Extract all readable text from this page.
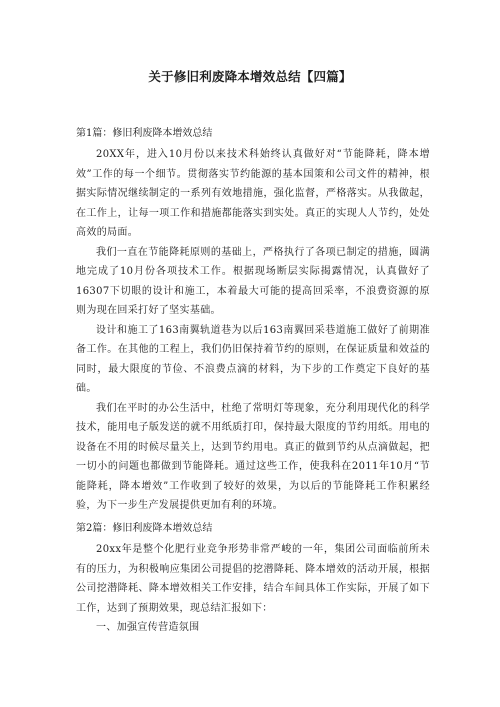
关于修旧利废降本增效总结【四篇】

第1篇：修旧利废降本增效总结

20XX年，进入10月份以来技术科始终认真做好对“节能降耗，降本增效”工作的每一个细节。贯彻落实节约能源的基本国策和公司文件的精神，根据实际情况继续制定的一系列有效地措施，强化监督，严格落实。从我做起，在工作上，让每一项工作和措施都能落实到实处。真正的实现人人节约，处处高效的局面。

我们一直在节能降耗原则的基础上，严格执行了各项已制定的措施，圆满地完成了10月份各项技术工作。根据现场断层实际揭露情况，认真做好了16307下切眼的设计和施工，本着最大可能的提高回采率，不浪费资源的原则为现在回采打好了坚实基础。

设计和施工了163南翼轨道巷为以后163南翼回采巷道施工做好了前期准备工作。在其他的工程上，我们仍旧保持着节约的原则，在保证质量和效益的同时，最大限度的节俭、不浪费点滴的材料，为下步的工作奠定下良好的基础。

我们在平时的办公生活中，杜绝了常明灯等现象，充分利用现代化的科学技术，能用电子版发送的就不用纸质打印，保持最大限度的节约用纸。用电的设备在不用的时候尽量关上，达到节约用电。真正的做到节约从点滴做起，把一切小的问题也都做到节能降耗。通过这些工作，使我科在2011年10月“节能降耗，降本增效”工作收到了较好的效果，为以后的节能降耗工作积累经验，为下一步生产发展提供更加有利的环境。

第2篇：修旧利废降本增效总结

20xx年是整个化肥行业竞争形势非常严峻的一年，集团公司面临前所未有的压力，为积极响应集团公司提倡的挖潜降耗、降本增效的活动开展，根据公司挖潜降耗、降本增效相关工作安排，结合车间具体工作实际，开展了如下工作，达到了预期效果，现总结汇报如下：

一、加强宣传营造氛围
